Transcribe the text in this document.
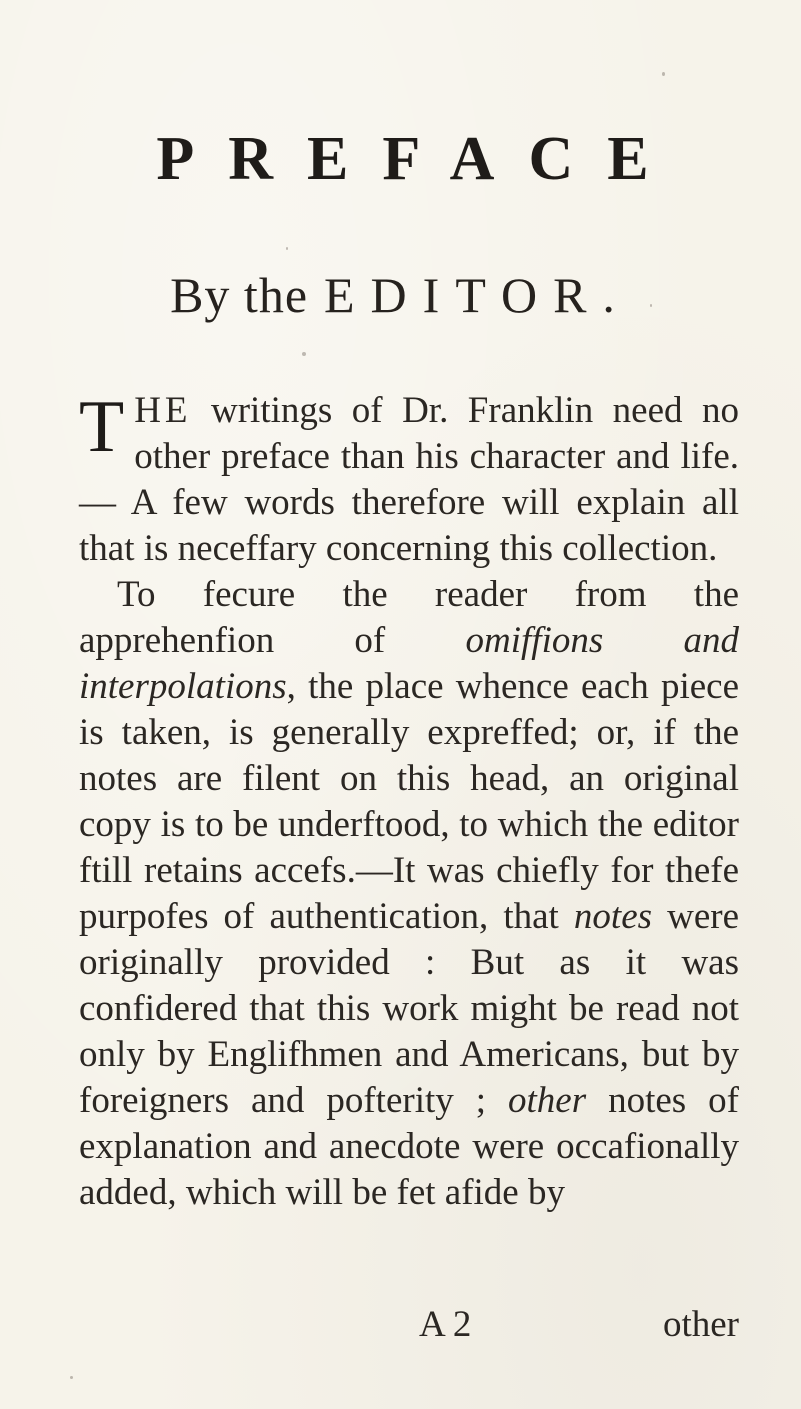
PREFACE
By the EDITOR.

THE writings of Dr. Franklin need no other preface than his character and life. — A few words therefore will explain all that is neceffary concerning this collection.

To fecure the reader from the apprehenfion of omiffions and interpolations, the place whence each piece is taken, is generally expreffed; or, if the notes are filent on this head, an original copy is to be underftood, to which the editor ftill retains accefs.—It was chiefly for thefe purpofes of authentication, that notes were originally provided : But as it was confidered that this work might be read not only by Englifhmen and Americans, but by foreigners and pofterity ; other notes of explanation and anecdote were occafionally added, which will be fet afide by

A 2	other
